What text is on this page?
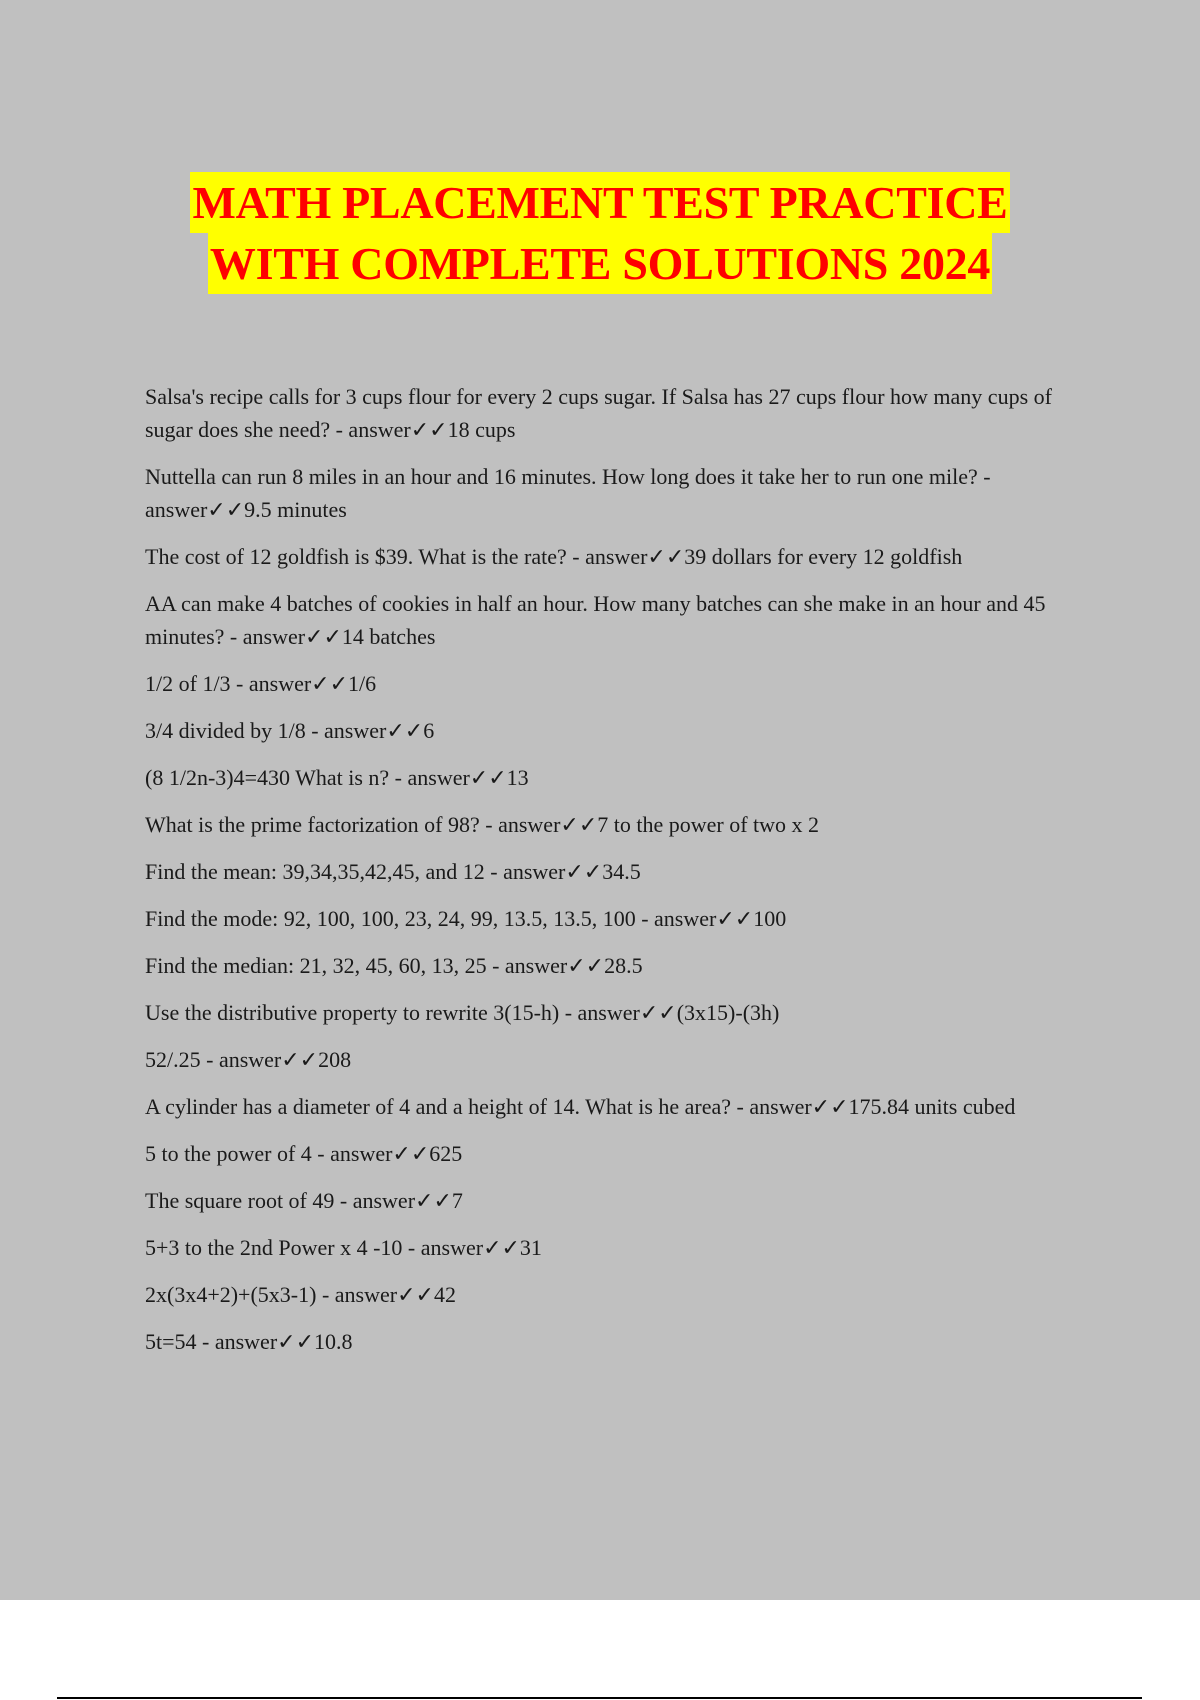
MATH PLACEMENT TEST PRACTICE
WITH COMPLETE SOLUTIONS 2024
Salsa's recipe calls for 3 cups flour for every 2 cups sugar. If Salsa has 27 cups flour how many cups of sugar does she need? - answer✓✓18 cups
Nuttella can run 8 miles in an hour and 16 minutes. How long does it take her to run one mile? - answer✓✓9.5 minutes
The cost of 12 goldfish is $39. What is the rate? - answer✓✓39 dollars for every 12 goldfish
AA can make 4 batches of cookies in half an hour. How many batches can she make in an hour and 45 minutes? - answer✓✓14 batches
1/2 of 1/3 - answer✓✓1/6
3/4 divided by 1/8 - answer✓✓6
(8 1/2n-3)4=430 What is n? - answer✓✓13
What is the prime factorization of 98? - answer✓✓7 to the power of two x 2
Find the mean: 39,34,35,42,45, and 12 - answer✓✓34.5
Find the mode: 92, 100, 100, 23, 24, 99, 13.5, 13.5, 100 - answer✓✓100
Find the median: 21, 32, 45, 60, 13, 25 - answer✓✓28.5
Use the distributive property to rewrite 3(15-h) - answer✓✓(3x15)-(3h)
52/.25 - answer✓✓208
A cylinder has a diameter of 4 and a height of 14. What is he area? - answer✓✓175.84 units cubed
5 to the power of 4 - answer✓✓625
The square root of 49 - answer✓✓7
5+3 to the 2nd Power x 4 -10 - answer✓✓31
2x(3x4+2)+(5x3-1) - answer✓✓42
5t=54 - answer✓✓10.8
